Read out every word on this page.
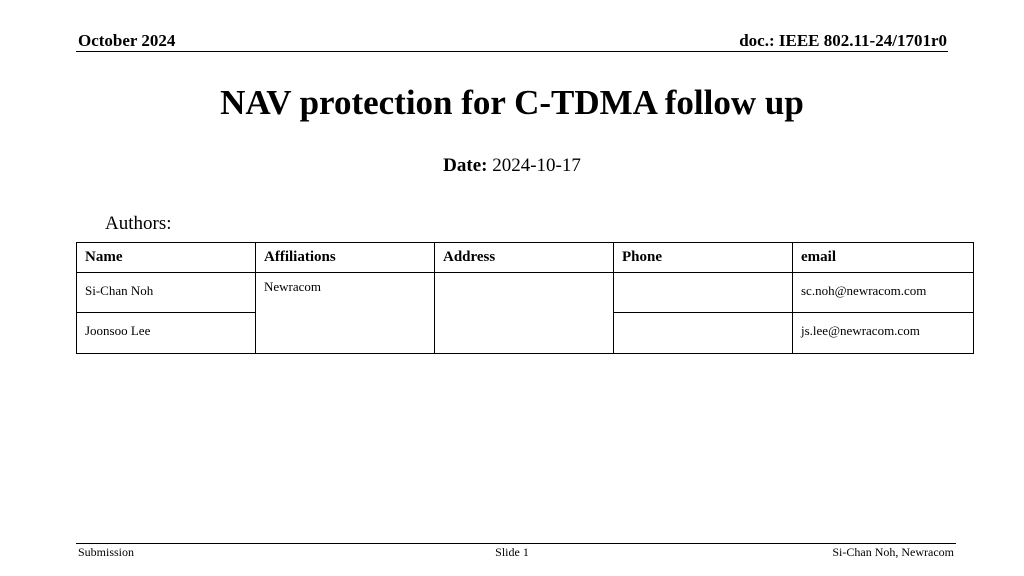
October 2024	doc.: IEEE 802.11-24/1701r0
NAV protection for C-TDMA follow up
Date: 2024-10-17
Authors:
Name	Affiliations	Address	Phone	email
Si-Chan Noh	Newracom			sc.noh@newracom.com
Joonsoo Lee				js.lee@newracom.com
Submission	Slide 1	Si-Chan Noh, Newracom
